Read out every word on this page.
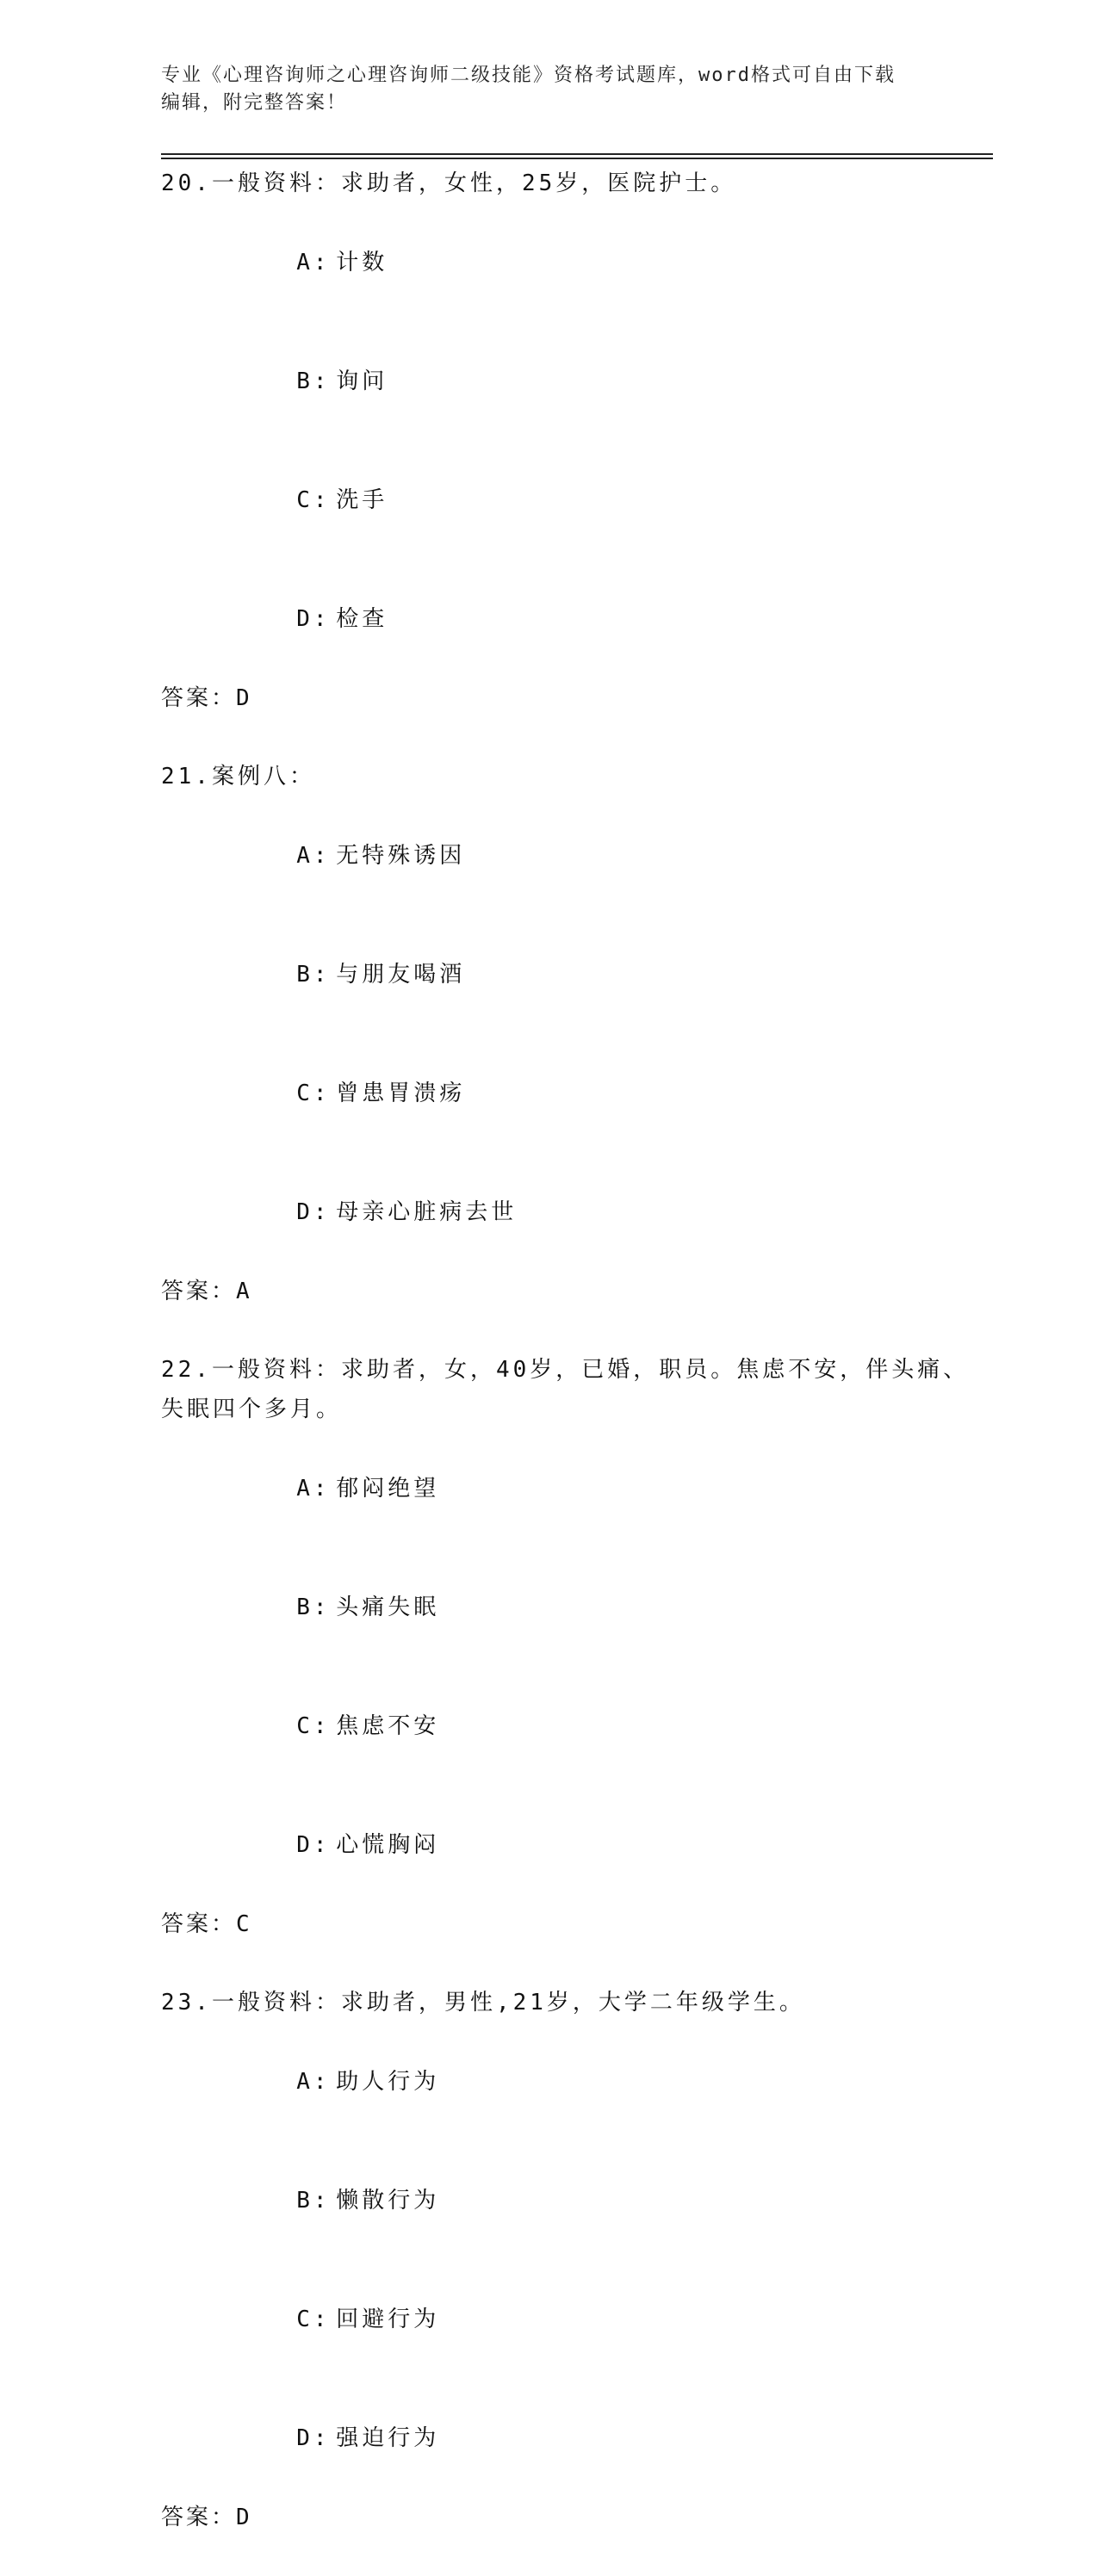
专业《心理咨询师之心理咨询师二级技能》资格考试题库，word格式可自由下载
编辑，附完整答案！
20.一般资料：求助者，女性，25岁，医院护士。

A: 计数

B: 询问

C: 洗手

D: 检查

答案：D
21.案例八：

A: 无特殊诱因

B: 与朋友喝酒

C: 曾患胃溃疡

D: 母亲心脏病去世

答案：A
22.一般资料：求助者，女，40岁，已婚，职员。焦虑不安，伴头痛、
失眠四个多月。

A: 郁闷绝望

B: 头痛失眠

C: 焦虑不安

D: 心慌胸闷

答案：C
23.一般资料：求助者，男性,21岁，大学二年级学生。

A: 助人行为

B: 懒散行为

C: 回避行为

D: 强迫行为

答案：D
